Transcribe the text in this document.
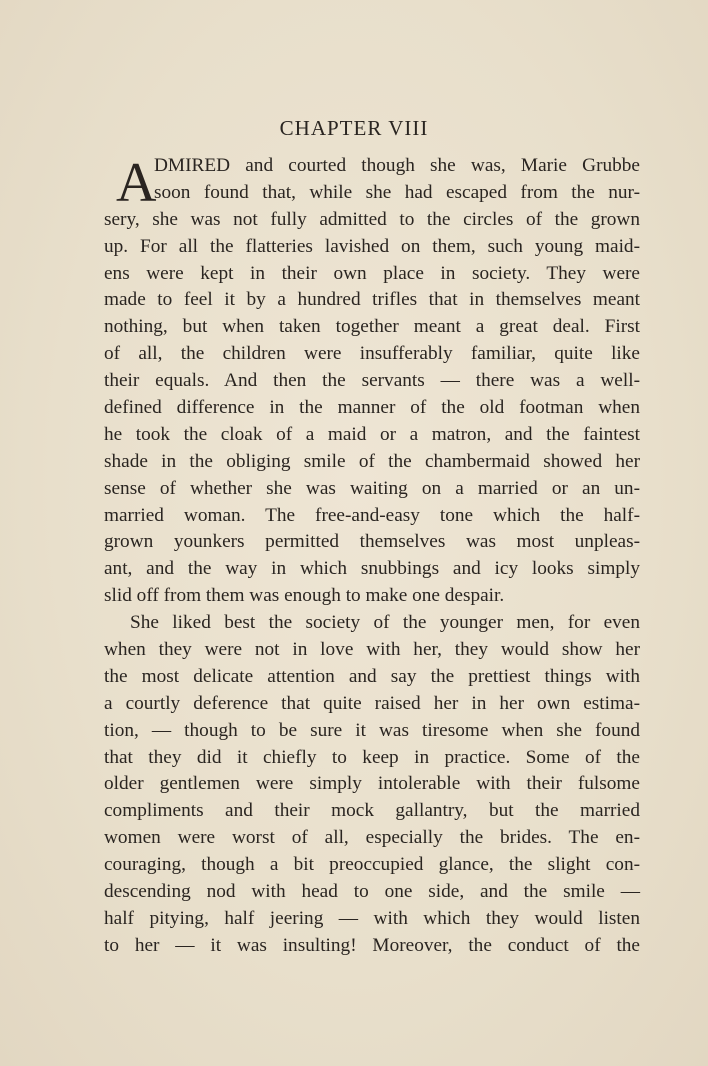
CHAPTER VIII
A
DMIRED and courted though she was, Marie Grubbe
soon found that, while she had escaped from the nur-
sery, she was not fully admitted to the circles of the grown
up. For all the flatteries lavished on them, such young maid-
ens were kept in their own place in society. They were
made to feel it by a hundred trifles that in themselves meant
nothing, but when taken together meant a great deal. First
of all, the children were insufferably familiar, quite like
their equals. And then the servants — there was a well-
defined difference in the manner of the old footman when
he took the cloak of a maid or a matron, and the faintest
shade in the obliging smile of the chambermaid showed her
sense of whether she was waiting on a married or an un-
married woman. The free-and-easy tone which the half-
grown younkers permitted themselves was most unpleas-
ant, and the way in which snubbings and icy looks simply
slid off from them was enough to make one despair.
She liked best the society of the younger men, for even
when they were not in love with her, they would show her
the most delicate attention and say the prettiest things with
a courtly deference that quite raised her in her own estima-
tion, — though to be sure it was tiresome when she found
that they did it chiefly to keep in practice. Some of the
older gentlemen were simply intolerable with their fulsome
compliments and their mock gallantry, but the married
women were worst of all, especially the brides. The en-
couraging, though a bit preoccupied glance, the slight con-
descending nod with head to one side, and the smile —
half pitying, half jeering — with which they would listen
to her — it was insulting! Moreover, the conduct of the
